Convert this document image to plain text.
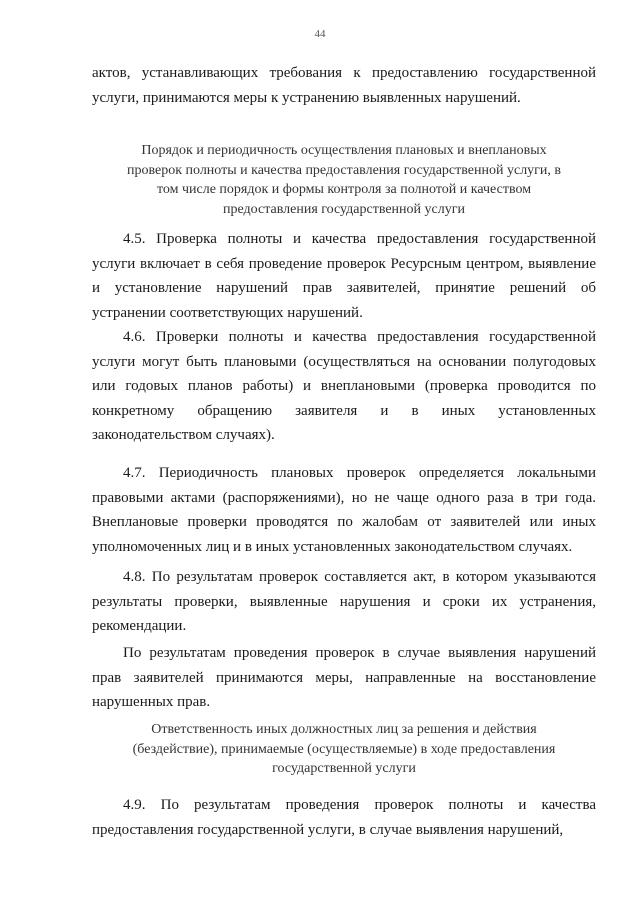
44

актов, устанавливающих требования к предоставлению государственной услуги, принимаются меры к устранению выявленных нарушений.

Порядок и периодичность осуществления плановых и внеплановых проверок полноты и качества предоставления государственной услуги, в том числе порядок и формы контроля за полнотой и качеством предоставления государственной услуги

4.5. Проверка полноты и качества предоставления государственной услуги включает в себя проведение проверок Ресурсным центром, выявление и установление нарушений прав заявителей, принятие решений об устранении соответствующих нарушений.

4.6. Проверки полноты и качества предоставления государственной услуги могут быть плановыми (осуществляться на основании полугодовых или годовых планов работы) и внеплановыми (проверка проводится по конкретному обращению заявителя и в иных установленных законодательством случаях).

4.7. Периодичность плановых проверок определяется локальными правовыми актами (распоряжениями), но не чаще одного раза в три года. Внеплановые проверки проводятся по жалобам от заявителей или иных уполномоченных лиц и в иных установленных законодательством случаях.

4.8. По результатам проверок составляется акт, в котором указываются результаты проверки, выявленные нарушения и сроки их устранения, рекомендации.

По результатам проведения проверок в случае выявления нарушений прав заявителей принимаются меры, направленные на восстановление нарушенных прав.

Ответственность иных должностных лиц за решения и действия (бездействие), принимаемые (осуществляемые) в ходе предоставления государственной услуги

4.9. По результатам проведения проверок полноты и качества предоставления государственной услуги, в случае выявления нарушений,
